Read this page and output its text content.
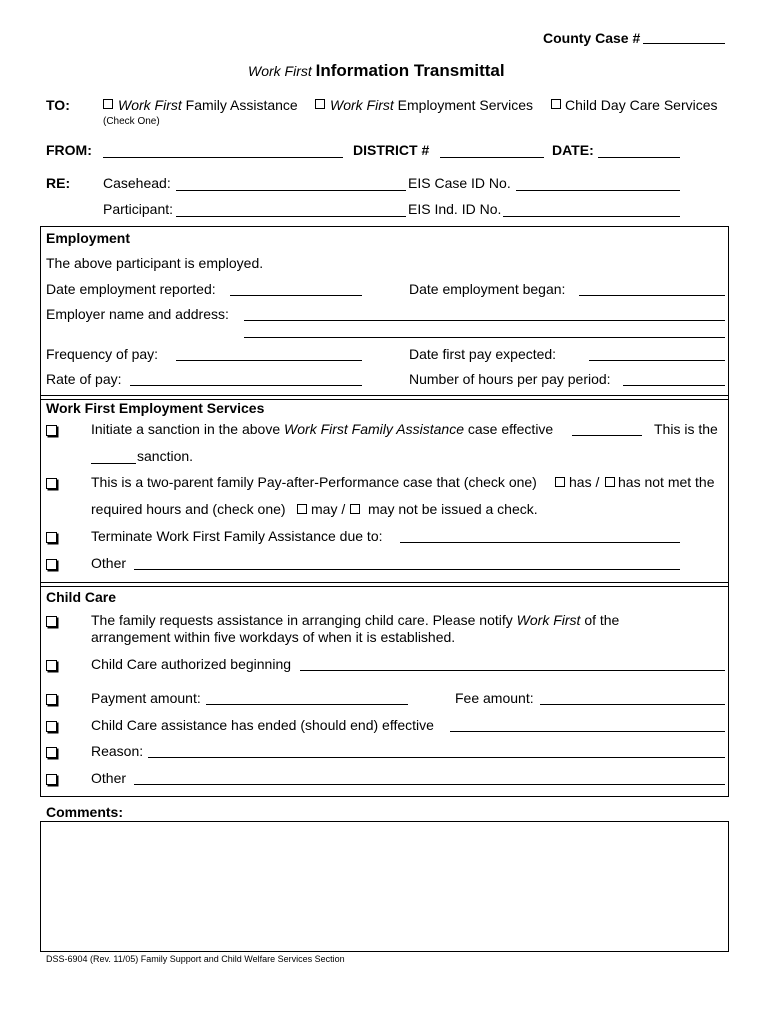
County Case #
Work First Information Transmittal
TO:	Work First Family Assistance Work First Employment Services Child Day Care Services
(Check One)
FROM:	DISTRICT #	DATE:
RE: Casehead:	EIS Case ID No.
Participant:	EIS Ind. ID No.
Employment
The above participant is employed.
Date employment reported:	Date employment began:
Employer name and address:
Frequency of pay:	Date first pay expected:
Rate of pay:	Number of hours per pay period:
Work First Employment Services
Initiate a sanction in the above Work First Family Assistance case effective	This is the
sanction.
This is a two-parent family Pay-after-Performance case that (check one) has / has not met the
required hours and (check one) may / may not be issued a check.
Terminate Work First Family Assistance due to:
Other
Child Care
The family requests assistance in arranging child care. Please notify Work First of the
arrangement within five workdays of when it is established.
Child Care authorized beginning
Payment amount:	Fee amount:
Child Care assistance has ended (should end) effective
Reason:
Other
Comments:
DSS-6904 (Rev. 11/05) Family Support and Child Welfare Services Section
